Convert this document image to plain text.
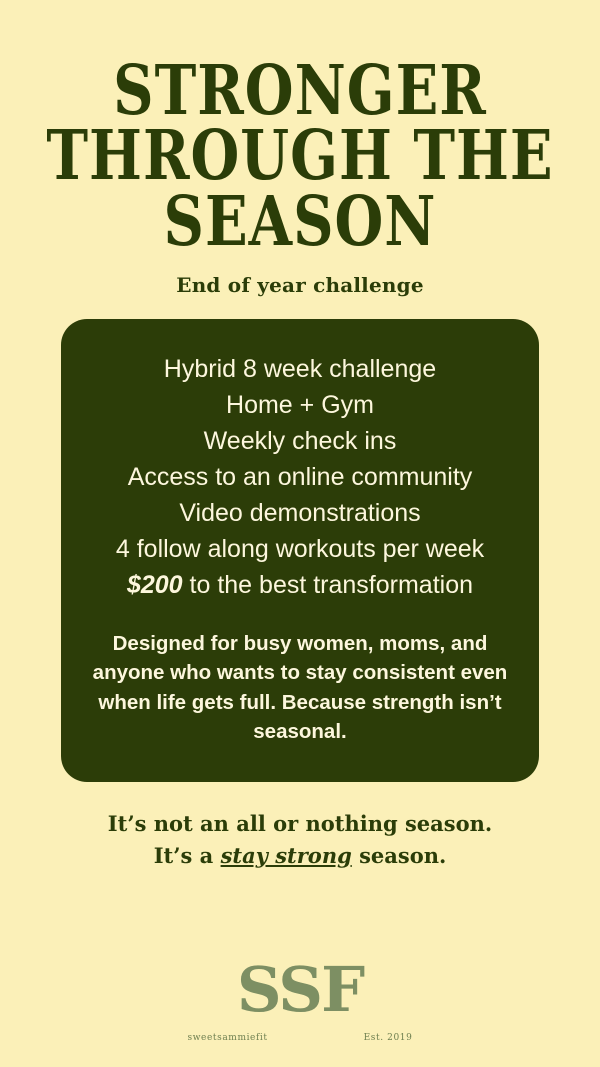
STRONGER
THROUGH THE
SEASON
End of year challenge
Hybrid 8 week challenge
Home + Gym
Weekly check ins
Access to an online community
Video demonstrations
4 follow along workouts per week
$200 to the best transformation

Designed for busy women, moms, and anyone who wants to stay consistent even when life gets full. Because strength isn’t seasonal.

It’s not an all or nothing season.
It’s a stay strong season.
SSF
sweetsammiefit	Est. 2019
